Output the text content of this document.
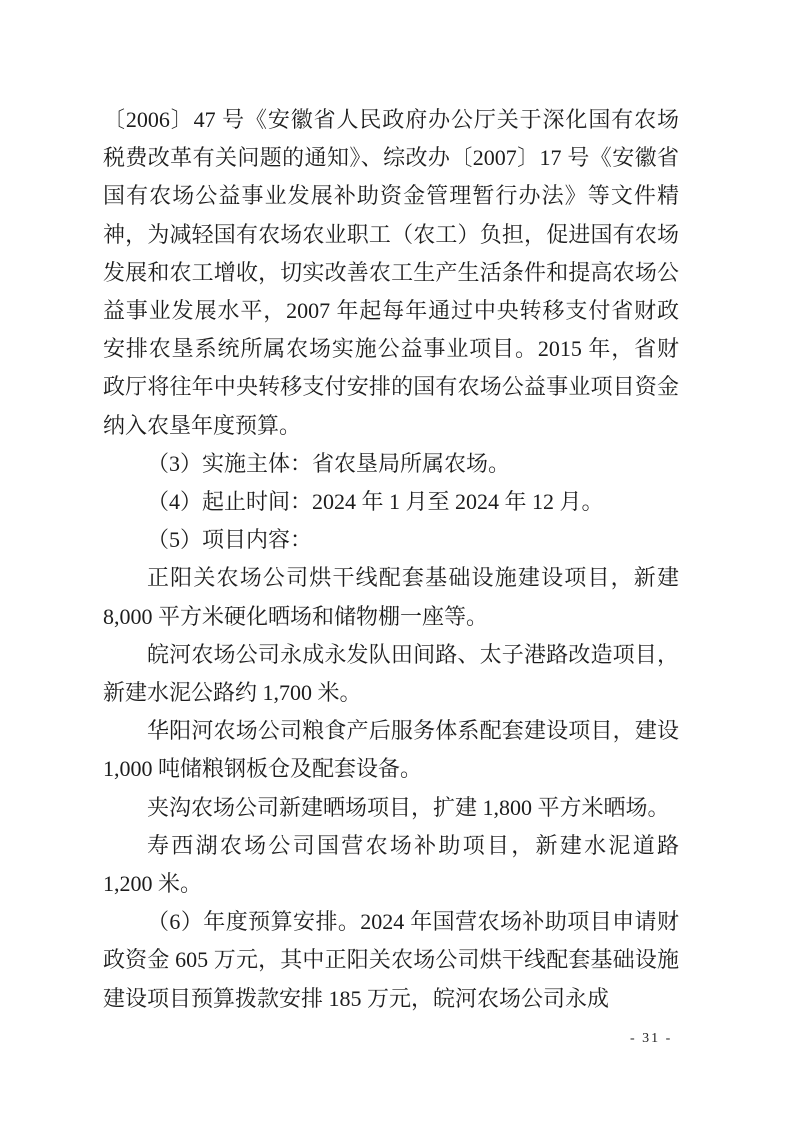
〔2006〕47 号《安徽省人民政府办公厅关于深化国有农场税费改革有关问题的通知》、综改办〔2007〕17 号《安徽省国有农场公益事业发展补助资金管理暂行办法》等文件精神，为减轻国有农场农业职工（农工）负担，促进国有农场发展和农工增收，切实改善农工生产生活条件和提高农场公益事业发展水平，2007 年起每年通过中央转移支付省财政安排农垦系统所属农场实施公益事业项目。2015 年，省财政厅将往年中央转移支付安排的国有农场公益事业项目资金纳入农垦年度预算。

（3）实施主体：省农垦局所属农场。

（4）起止时间：2024 年 1 月至 2024 年 12 月。

（5）项目内容：

正阳关农场公司烘干线配套基础设施建设项目，新建 8,000 平方米硬化晒场和储物棚一座等。

皖河农场公司永成永发队田间路、太子港路改造项目，新建水泥公路约 1,700 米。

华阳河农场公司粮食产后服务体系配套建设项目，建设 1,000 吨储粮钢板仓及配套设备。

夹沟农场公司新建晒场项目，扩建 1,800 平方米晒场。

寿西湖农场公司国营农场补助项目，新建水泥道路 1,200 米。

（6）年度预算安排。2024 年国营农场补助项目申请财政资金 605 万元，其中正阳关农场公司烘干线配套基础设施建设项目预算拨款安排 185 万元，皖河农场公司永成

- 31 -
